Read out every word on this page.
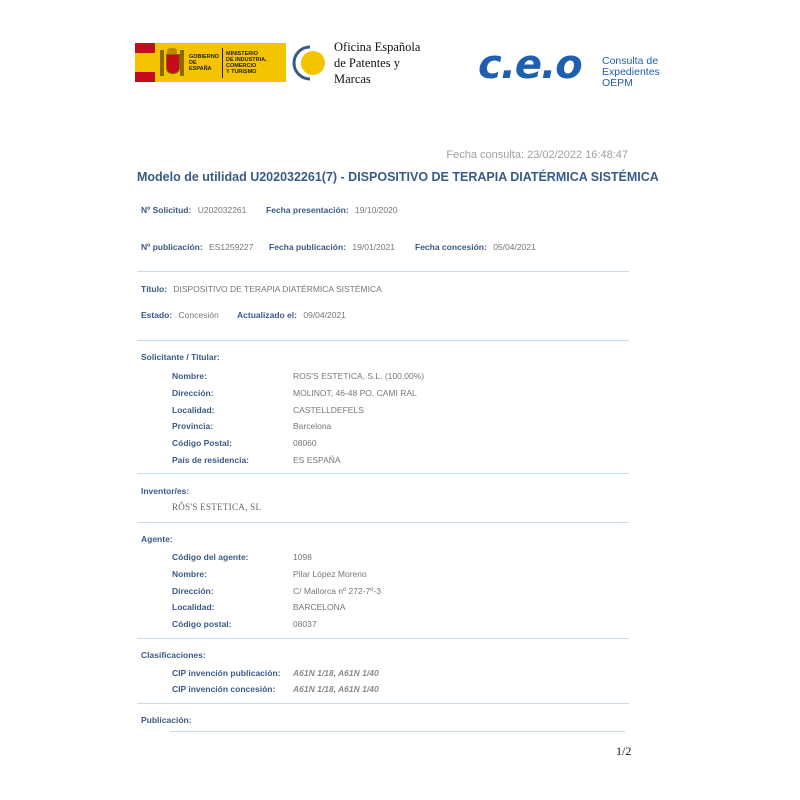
GOBIERNO
DE ESPAÑA
MINISTERIO
DE INDUSTRIA, COMERCIO
Y TURISMO
Oficina Española
de Patentes y Marcas	c.e.o Consulta de
Expedientes
OEPM
Fecha consulta: 23/02/2022 16:48:47
Modelo de utilidad U202032261(7) - DISPOSITIVO DE TERAPIA DIATÉRMICA SISTÉMICA
Nº Solicitud: U202032261 Fecha presentación: 19/10/2020
Nº publicación: ES1259227 Fecha publicación: 19/01/2021 Fecha concesión: 05/04/2021
Título: DISPOSITIVO DE TERAPIA DIATÉRMICA SISTÉMICA
Estado: Concesión Actualizado el: 09/04/2021
Solicitante / Titular:
Nombre:	ROS'S ESTETICA, S.L. (100,00%)
Dirección:	MOLINOT, 46-48 PO. CAMI RAL
Localidad:	CASTELLDEFELS
Provincia:	Barcelona
Código Postal:	08060
País de residencia:	ES ESPAÑA
Inventor/es:
RÔS'S ESTETICA, SL
Agente:
Código del agente:	1098
Nombre:	Pilar López Moreno
Dirección:	C/ Mallorca nº 272-7º-3
Localidad:	BARCELONA
Código postal:	08037
Clasificaciones:
CIP invención publicación: A61N 1/18, A61N 1/40
CIP invención concesión: A61N 1/18, A61N 1/40
Publicación:
1/2
